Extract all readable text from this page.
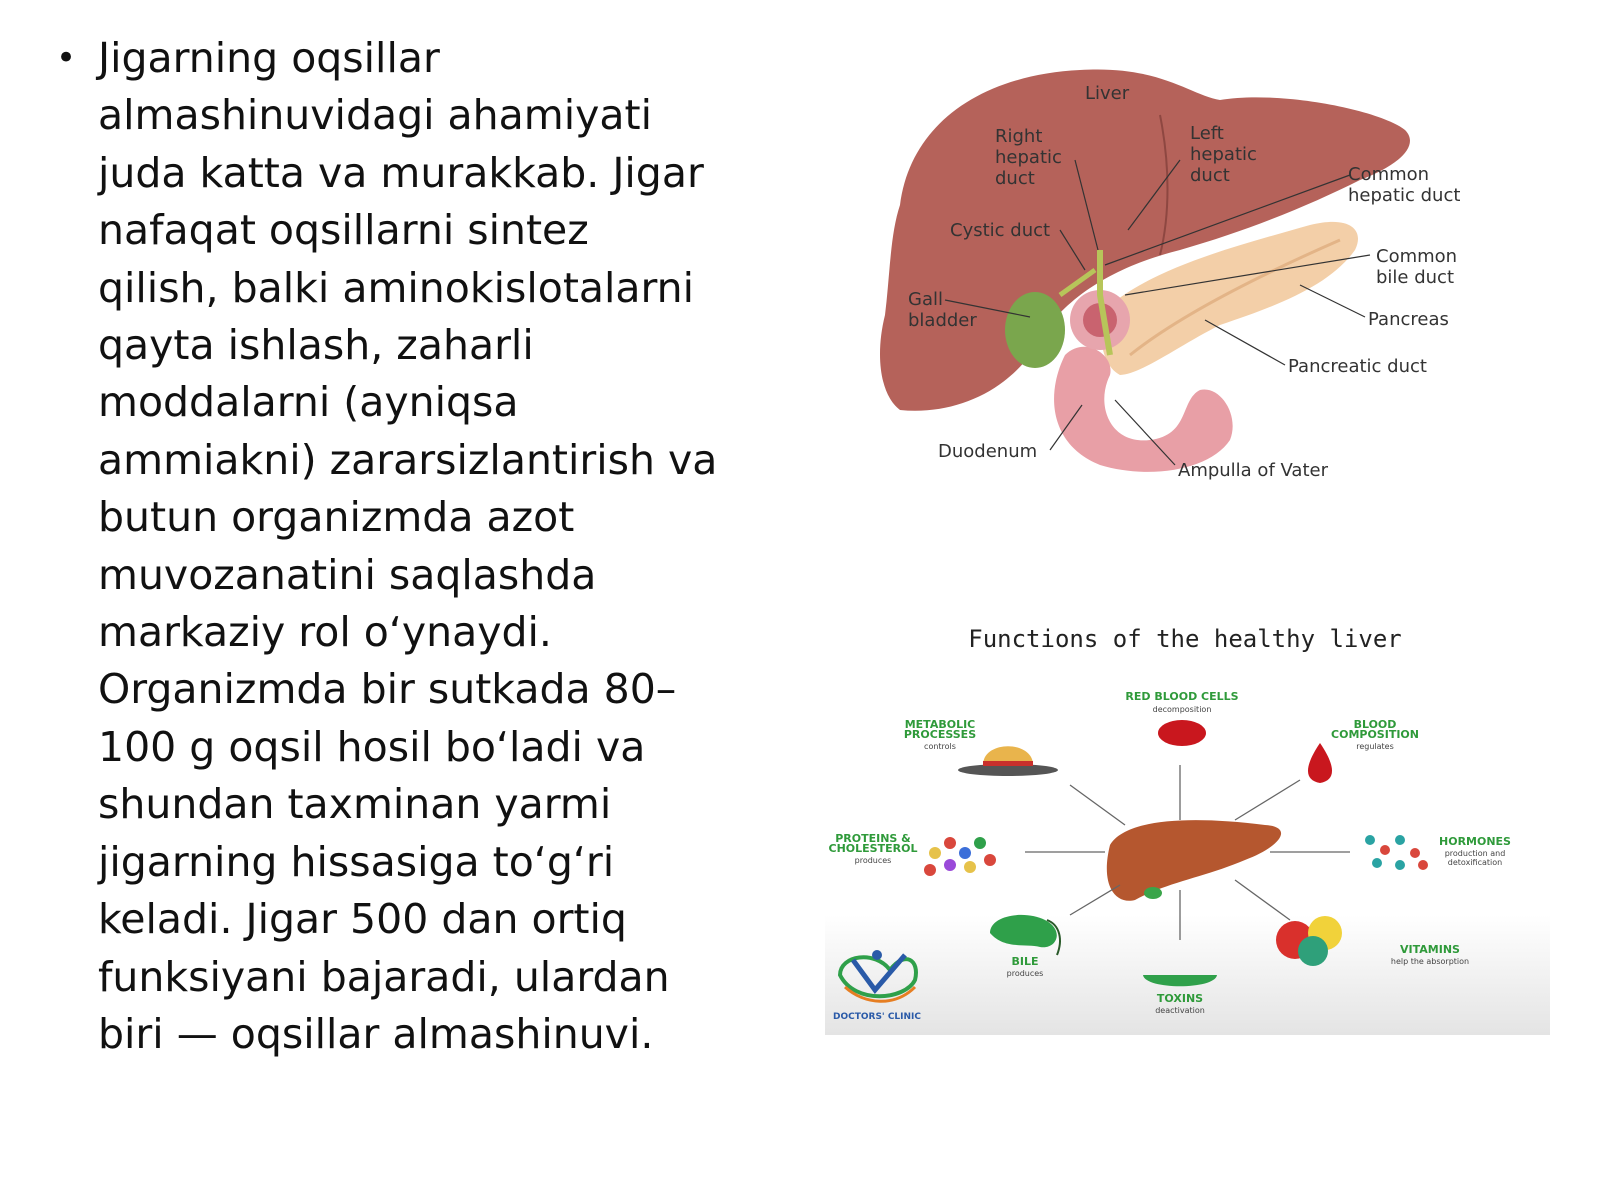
• Jigarning oqsillar
almashinuvidagi ahamiyati
juda katta va murakkab. Jigar
nafaqat oqsillarni sintez
qilish, balki aminokislotalarni
qayta ishlash, zaharli
moddalarni (ayniqsa
ammiakni) zararsizlantirish va
butun organizmda azot
muvozanatini saqlashda
markaziy rol o‘ynaydi.
Organizmda bir sutkada 80–
100 g oqsil hosil bo‘ladi va
shundan taxminan yarmi
jigarning hissasiga to‘g‘ri
keladi. Jigar 500 dan ortiq
funksiyani bajaradi, ulardan
biri — oqsillar almashinuvi.
Liver
Right
hepatic
duct
Left
hepatic
duct	Common
hepatic duct
Cystic duct
Common
bile duct
Gall
bladder	Pancreas
Pancreatic duct
Duodenum
Ampulla of Vater
Functions of the healthy liver
RED BLOOD CELLS
decomposition
METABOLIC
PROCESSES
controls
BLOOD
COMPOSITION
regulates
PROTEINS &
CHOLESTEROL
produces
HORMONES
production and
detoxification
BILE
produces
TOXINS
deactivation
VITAMINS
help the absorption
DOCTORS' CLINIC
